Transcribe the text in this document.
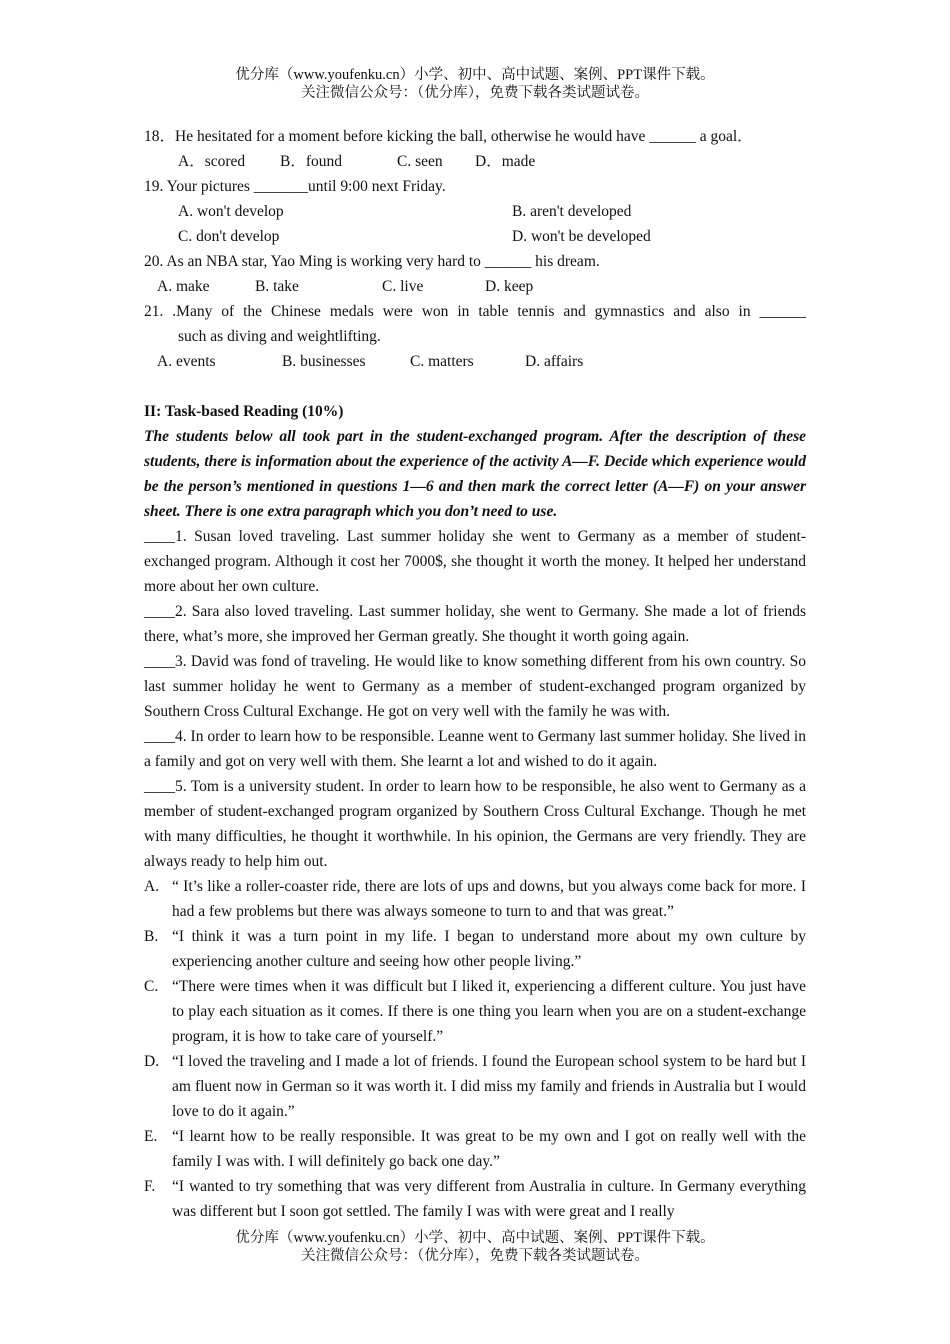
优分库（www.youfenku.cn）小学、初中、高中试题、案例、PPT课件下载。
关注微信公众号：（优分库），免费下载各类试题试卷。
18．He hesitated for a moment before kicking the ball, otherwise he would have ______ a goal．
A．scored B．found	C. seen D．made
19. Your pictures _______until 9:00 next Friday.
A. won't develop	B. aren't developed
C. don't develop	D. won't be developed
20. As an NBA star, Yao Ming is working very hard to ______ his dream.
A. make	B. take	C. live	D. keep
21. .Many of the Chinese medals were won in table tennis and gymnastics and also in ______
such as diving and weightlifting.
A. events	B. businesses	C. matters	D. affairs
II: Task-based Reading (10%)
The students below all took part in the student-exchanged program. After the description of these students, there is information about the experience of the activity A—F. Decide which experience would be the person’s mentioned in questions 1—6 and then mark the correct letter (A—F) on your answer sheet. There is one extra paragraph which you don’t need to use.
____1. Susan loved traveling. Last summer holiday she went to Germany as a member of student-exchanged program. Although it cost her 7000$, she thought it worth the money. It helped her understand more about her own culture.
____2. Sara also loved traveling. Last summer holiday, she went to Germany. She made a lot of friends there, what’s more, she improved her German greatly. She thought it worth going again.
____3. David was fond of traveling. He would like to know something different from his own country. So last summer holiday he went to Germany as a member of student-exchanged program organized by Southern Cross Cultural Exchange. He got on very well with the family he was with.
____4. In order to learn how to be responsible. Leanne went to Germany last summer holiday. She lived in a family and got on very well with them. She learnt a lot and wished to do it again.
____5. Tom is a university student. In order to learn how to be responsible, he also went to Germany as a member of student-exchanged program organized by Southern Cross Cultural Exchange. Though he met with many difficulties, he thought it worthwhile. In his opinion, the Germans are very friendly. They are always ready to help him out.
A. “ It’s like a roller-coaster ride, there are lots of ups and downs, but you always come back for more. I had a few problems but there was always someone to turn to and that was great.”
B. “I think it was a turn point in my life. I began to understand more about my own culture by experiencing another culture and seeing how other people living.”
C. “There were times when it was difficult but I liked it, experiencing a different culture. You just have to play each situation as it comes. If there is one thing you learn when you are on a student-exchange program, it is how to take care of yourself.”
D. “I loved the traveling and I made a lot of friends. I found the European school system to be hard but I am fluent now in German so it was worth it. I did miss my family and friends in Australia but I would love to do it again.”
E. “I learnt how to be really responsible. It was great to be my own and I got on really well with the family I was with. I will definitely go back one day.”
F.	“I wanted to try something that was very different from Australia in culture. In Germany everything was different but I soon got settled. The family I was with were great and I really
优分库（www.youfenku.cn）小学、初中、高中试题、案例、PPT课件下载。
关注微信公众号：（优分库），免费下载各类试题试卷。
